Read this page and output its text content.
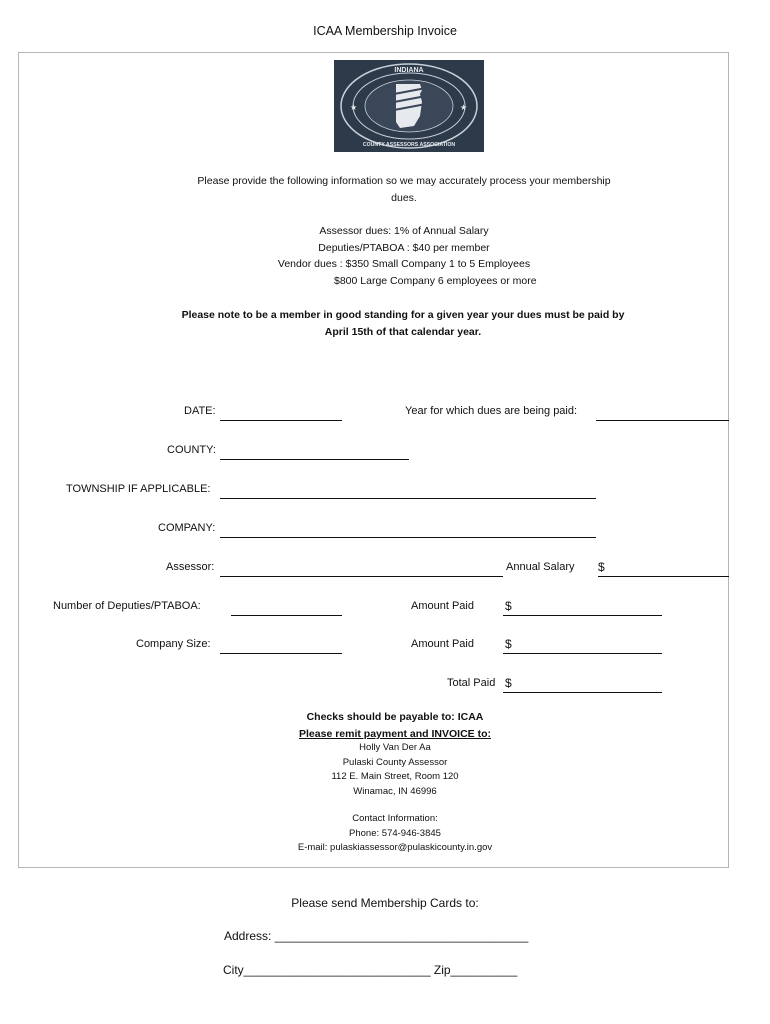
ICAA Membership Invoice
INDIANA
COUNTY ASSESSORS ASSOCIATION
★	★
Please provide the following information so we may accurately process your membership dues.
Assessor dues: 1% of Annual Salary
Deputies/PTABOA : $40 per member
Vendor dues : $350 Small Company 1 to 5 Employees
$800 Large Company 6 employees or more
Please note to be a member in good standing for a given year your dues must be paid by April 15th of that calendar year.
DATE:	Year for which dues are being paid:
COUNTY:
TOWNSHIP IF APPLICABLE:
COMPANY:
Assessor:	Annual Salary $
Number of Deputies/PTABOA:	Amount Paid	$
Company Size:	Amount Paid	$
Total Paid $
Checks should be payable to: ICAA
Please remit payment and INVOICE to:
Holly Van Der Aa
Pulaski County Assessor
112 E. Main Street, Room 120
Winamac, IN 46996
Contact Information:
Phone: 574-946-3845
E-mail: pulaskiassessor@pulaskicounty.in.gov
Please send Membership Cards to:
Address: ______________________________________
City____________________________ Zip__________
